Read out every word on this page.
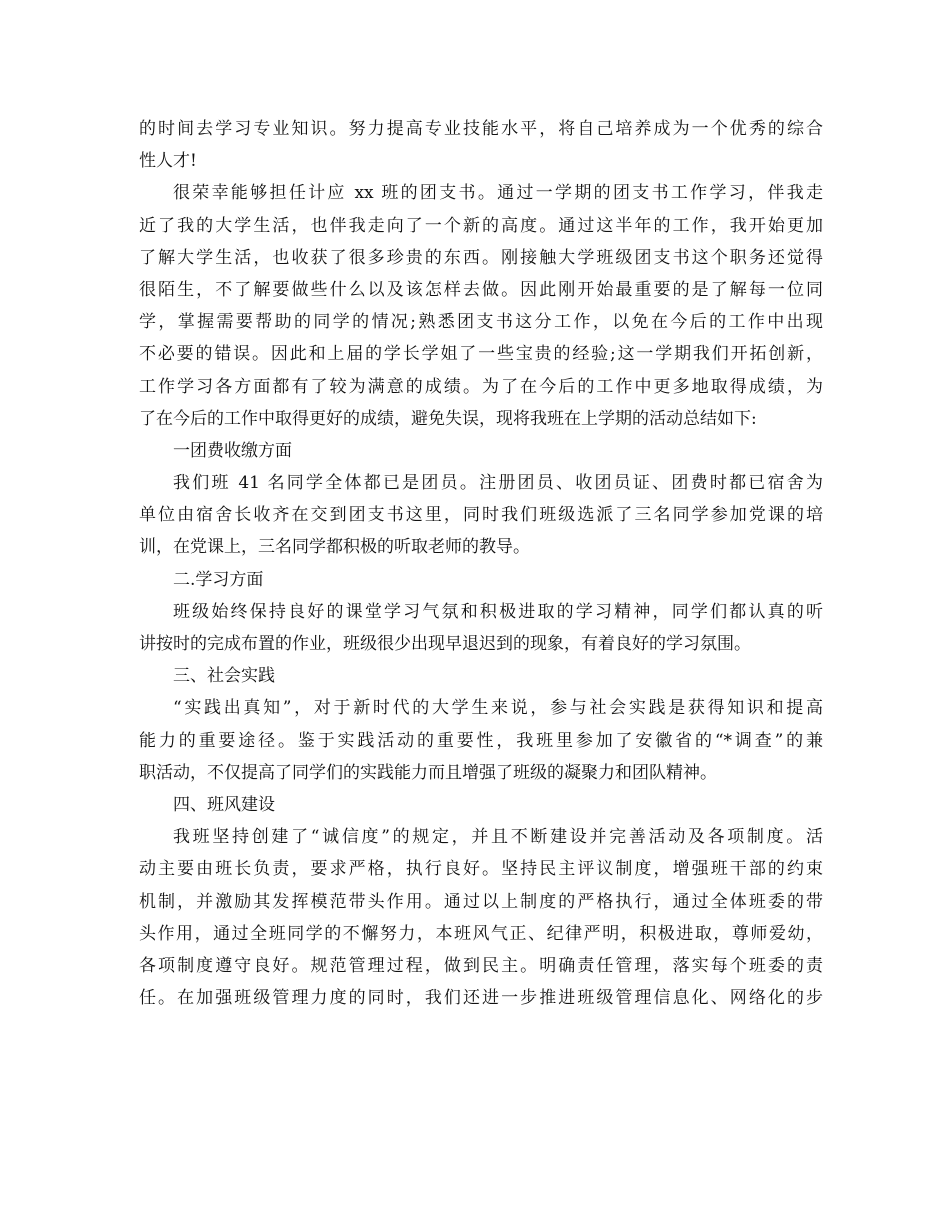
的时间去学习专业知识。努力提高专业技能水平，将自己培养成为一个优秀的综合
性人才!
很荣幸能够担任计应 xx 班的团支书。通过一学期的团支书工作学习，伴我走
近了我的大学生活，也伴我走向了一个新的高度。通过这半年的工作，我开始更加
了解大学生活，也收获了很多珍贵的东西。刚接触大学班级团支书这个职务还觉得
很陌生，不了解要做些什么以及该怎样去做。因此刚开始最重要的是了解每一位同
学，掌握需要帮助的同学的情况;熟悉团支书这分工作，以免在今后的工作中出现
不必要的错误。因此和上届的学长学姐了一些宝贵的经验;这一学期我们开拓创新，
工作学习各方面都有了较为满意的成绩。为了在今后的工作中更多地取得成绩，为
了在今后的工作中取得更好的成绩，避免失误，现将我班在上学期的活动总结如下:
一团费收缴方面
我们班 41 名同学全体都已是团员。注册团员、收团员证、团费时都已宿舍为
单位由宿舍长收齐在交到团支书这里，同时我们班级选派了三名同学参加党课的培
训，在党课上，三名同学都积极的听取老师的教导。
二.学习方面
班级始终保持良好的课堂学习气氛和积极进取的学习精神，同学们都认真的听
讲按时的完成布置的作业，班级很少出现早退迟到的现象，有着良好的学习氛围。
三、社会实践
“实践出真知”，对于新时代的大学生来说，参与社会实践是获得知识和提高
能力的重要途径。鉴于实践活动的重要性，我班里参加了安徽省的“*调查”的兼
职活动，不仅提高了同学们的实践能力而且增强了班级的凝聚力和团队精神。
四、班风建设
我班坚持创建了“诚信度”的规定，并且不断建设并完善活动及各项制度。活
动主要由班长负责，要求严格，执行良好。坚持民主评议制度，增强班干部的约束
机制，并激励其发挥模范带头作用。通过以上制度的严格执行，通过全体班委的带
头作用，通过全班同学的不懈努力，本班风气正、纪律严明，积极进取，尊师爱幼，
各项制度遵守良好。规范管理过程，做到民主。明确责任管理，落实每个班委的责
任。在加强班级管理力度的同时，我们还进一步推进班级管理信息化、网络化的步
